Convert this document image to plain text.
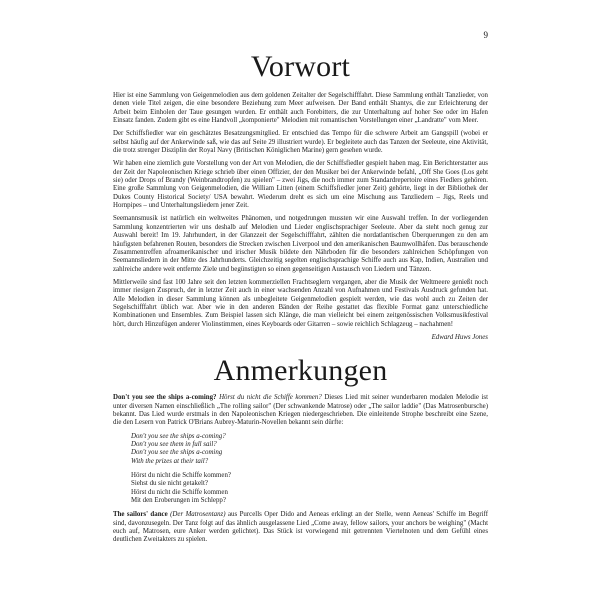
9
Vorwort

Hier ist eine Sammlung von Geigenmelodien aus dem goldenen Zeitalter der Segelschifffahrt. Diese Sammlung enthält Tanzlieder, von denen viele Titel zeigen, die eine besondere Beziehung zum Meer aufweisen. Der Band enthält Shantys, die zur Erleichterung der Arbeit beim Einholen der Taue gesungen wurden. Er enthält auch Forebitters, die zur Unterhaltung auf hoher See oder im Hafen Einsatz fanden. Zudem gibt es eine Handvoll „komponierte" Melodien mit romantischen Vorstellungen einer „Landratte" vom Meer.

Der Schiffsfiedler war ein geschätztes Besatzungsmitglied. Er entschied das Tempo für die schwere Arbeit am Gangspill (wobei er selbst häufig auf der Ankerwinde saß, wie das auf Seite 29 illustriert wurde). Er begleitete auch das Tanzen der Seeleute, eine Aktivität, die trotz strenger Disziplin der Royal Navy (Britischen Königlichen Marine) gern gesehen wurde.

Wir haben eine ziemlich gute Vorstellung von der Art von Melodien, die der Schiffsfiedler gespielt haben mag. Ein Berichterstatter aus der Zeit der Napoleonischen Kriege schrieb über einen Offizier, der den Musiker bei der Ankerwinde befahl, „Off She Goes (Los geht sie) oder Drops of Brandy (Weinbrandtropfen) zu spielen" – zwei Jigs, die noch immer zum Standardrepertoire eines Fiedlers gehören. Eine große Sammlung von Geigenmelodien, die William Litten (einem Schiffsfiedler jener Zeit) gehörte, liegt in der Bibliothek der Dukes County Historical Society/ USA bewahrt. Wiederum dreht es sich um eine Mischung aus Tanzliedern – Jigs, Reels und Hornpipes – und Unterhaltungsliedern jener Zeit.

Seemannsmusik ist natürlich ein weltweites Phänomen, und notgedrungen mussten wir eine Auswahl treffen. In der vorliegenden Sammlung konzentrierten wir uns deshalb auf Melodien und Lieder englischsprachiger Seeleute. Aber da steht noch genug zur Auswahl bereit! Im 19. Jahrhundert, in der Glanzzeit der Segelschifffahrt, zählten die nordatlantischen Überquerungen zu den am häufigsten befahrenen Routen, besonders die Strecken zwischen Liverpool und den amerikanischen Baumwollhäfen. Das berauschende Zusammentreffen afroamerikanischer und irischer Musik bildete den Nährboden für die besonders zahlreichen Schöpfungen von Seemannsliedern in der Mitte des Jahrhunderts. Gleichzeitig segelten englischsprachige Schiffe auch aus Kap, Indien, Australien und zahlreiche andere weit entfernte Ziele und begünstigten so einen gegenseitigen Austausch von Liedern und Tänzen.

Mittlerweile sind fast 100 Jahre seit den letzten kommerziellen Frachtseglern vergangen, aber die Musik der Weltmeere genießt noch immer riesigen Zuspruch, der in letzter Zeit auch in einer wachsenden Anzahl von Aufnahmen und Festivals Ausdruck gefunden hat. Alle Melodien in dieser Sammlung können als unbegleitete Geigenmelodien gespielt werden, wie das wohl auch zu Zeiten der Segelschifffahrt üblich war. Aber wie in den anderen Bänden der Reihe gestattet das flexible Format ganz unterschiedliche Kombinationen und Ensembles. Zum Beispiel lassen sich Klänge, die man vielleicht bei einem zeitgenössischen Volksmusikfestival hört, durch Hinzufügen anderer Violinstimmen, eines Keyboards oder Gitarren – sowie reichlich Schlagzeug – nachahmen!

Edward Huws Jones
Anmerkungen

Don't you see the ships a-coming? Hörst du nicht die Schiffe kommen? Dieses Lied mit seiner wunderbaren modalen Melodie ist unter diversen Namen einschließlich „The rolling sailor" (Der schwankende Matrose) oder „The sailor laddie" (Das Matrosenbursche) bekannt. Das Lied wurde erstmals in den Napoleonischen Kriegen niedergeschrieben. Die einleitende Strophe beschreibt eine Szene, die den Lesern von Patrick O'Brians Aubrey-Maturin-Novellen bekannt sein dürfte:

Don't you see the ships a-coming?
Don't you see them in full sail?
Don't you see the ships a-coming
With the prizes at their tail?
Hörst du nicht die Schiffe kommen?
Siehst du sie nicht getakelt?
Hörst du nicht die Schiffe kommen
Mit den Eroberungen im Schlepp?

The sailors' dance (Der Matrosentanz) aus Purcells Oper Dido and Aeneas erklingt an der Stelle, wenn Aeneas' Schiffe im Begriff sind, davonzusegeln. Der Tanz folgt auf das ähnlich ausgelassene Lied „Come away, fellow sailors, your anchors be weighing" (Macht euch auf, Matrosen, eure Anker werden gelichtet). Das Stück ist vorwiegend mit getrennten Viertelnoten und dem Gefühl eines deutlichen Zweitakters zu spielen.
